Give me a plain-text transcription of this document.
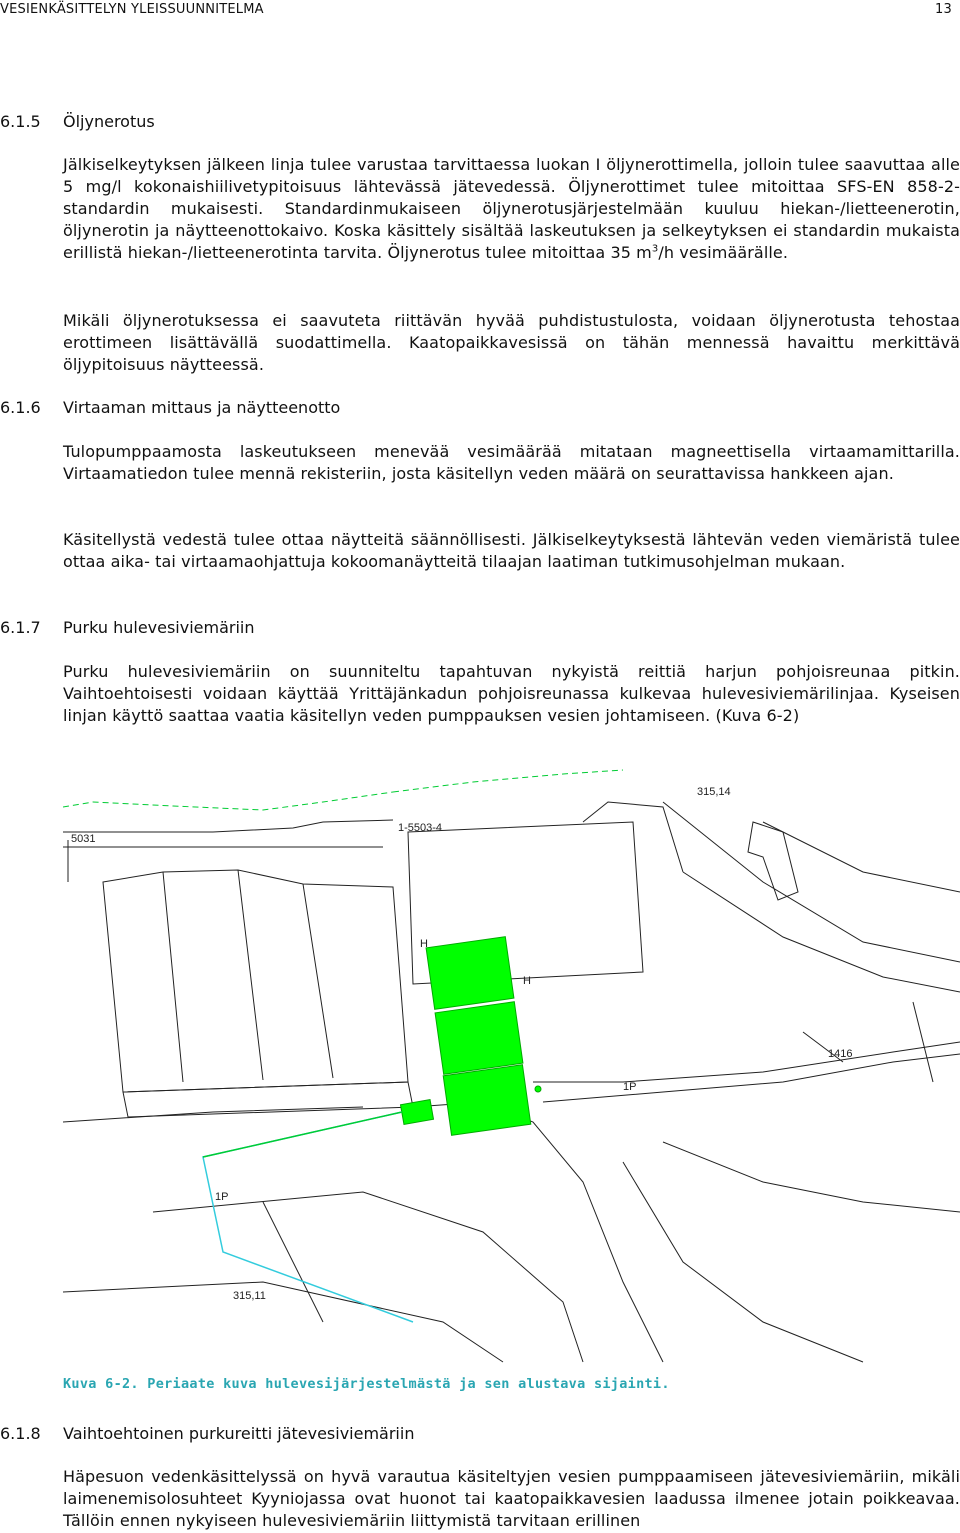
VESIENKÄSITTELYN YLEISSUUNNITELMA	13
6.1.5 Öljynerotus
Jälkiselkeytyksen jälkeen linja tulee varustaa tarvittaessa luokan I öljynerottimella, jolloin tulee saavuttaa alle 5 mg/l kokonaishiilivetypitoisuus lähtevässä jätevedessä. Öljynerottimet tulee mitoittaa SFS-EN 858-2-standardin mukaisesti. Standardinmukaiseen öljynerotusjärjestelmään kuuluu hiekan-/lietteenerotin, öljynerotin ja näytteenottokaivo. Koska käsittely sisältää laskeutuksen ja selkeytyksen ei standardin mukaista erillistä hiekan-/lietteenerotinta tarvita. Öljynerotus tulee mitoittaa 35 $m^3/h$ vesimäärälle.
Mikäli öljynerotuksessa ei saavuteta riittävän hyvää puhdistustulosta, voidaan öljynerotusta tehostaa erottimeen lisättävällä suodattimella. Kaatopaikkavesissä on tähän mennessä havaittu merkittävä öljypitoisuus näytteessä.
6.1.6 Virtaaman mittaus ja näytteenotto
Tulopumppaamosta laskeutukseen menevää vesimäärää mitataan magneettisella virtaamamittarilla. Virtaamatiedon tulee mennä rekisteriin, josta käsitellyn veden määrä on seurattavissa hankkeen ajan.
Käsitellystä vedestä tulee ottaa näytteitä säännöllisesti. Jälkiselkeytyksestä lähtevän veden viemäristä tulee ottaa aika- tai virtaamaohjattuja kokoomanäytteitä tilaajan laatiman tutkimusohjelman mukaan.
6.1.7 Purku hulevesiviemäriin
Purku hulevesiviemäriin on suunniteltu tapahtuvan nykyistä reittiä harjun pohjoisreunaa pitkin. Vaihtoehtoisesti voidaan käyttää Yrittäjänkadun pohjoisreunassa kulkevaa hulevesiviemärilinjaa. Kyseisen linjan käyttö saattaa vaatia käsitellyn veden pumppauksen vesien johtamiseen. (Kuva 6-2)
5031
1-5503-4
315,14
H
H
1P
1P
1416
315,11
Kuva 6-2. Periaate kuva hulevesijärjestelmästä ja sen alustava sijainti.
6.1.8 Vaihtoehtoinen purkureitti jätevesiviemäriin
Häpesuon vedenkäsittelyssä on hyvä varautua käsiteltyjen vesien pumppaamiseen jätevesiviemäriin, mikäli laimenemisolosuhteet Kyyniojassa ovat huonot tai kaatopaikkavesien laadussa ilmenee jotain poikkeavaa. Tällöin ennen nykyiseen hulevesiviemäriin liittymistä tarvitaan erillinen
